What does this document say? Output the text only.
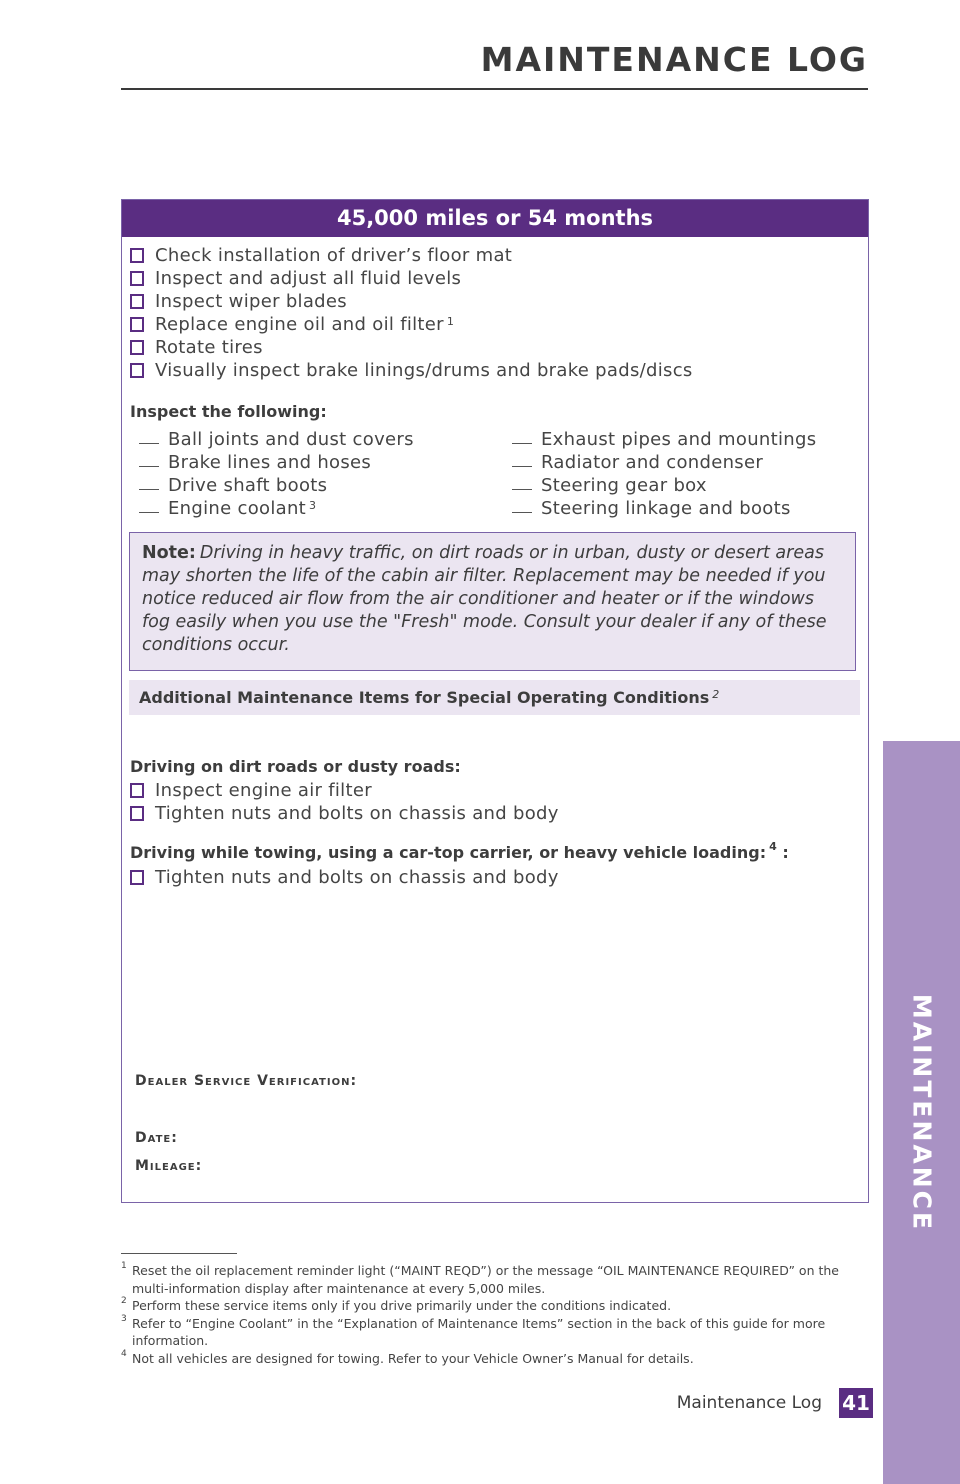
MAINTENANCE LOG
MAINTENANCE
45,000 miles or 54 months
Check installation of driver’s floor mat
Inspect and adjust all fluid levels
Inspect wiper blades
Replace engine oil and oil filter $^1$
Rotate tires
Visually inspect brake linings/drums and brake pads/discs
Inspect the following:
Ball joints and dust covers
Brake lines and hoses
Drive shaft boots
Engine coolant $^3$
Exhaust pipes and mountings
Radiator and condenser
Steering gear box
Steering linkage and boots

Note: Driving in heavy traffic, on dirt roads or in urban, dusty or desert areas may shorten the life of the cabin air filter. Replacement may be needed if you notice reduced air flow from the air conditioner and heater or if the windows fog easily when you use the "Fresh" mode. Consult your dealer if any of these conditions occur.

Additional Maintenance Items for Special Operating Conditions $^2$
Driving on dirt roads or dusty roads:
Inspect engine air filter
Tighten nuts and bolts on chassis and body
Driving while towing, using a car-top carrier, or heavy vehicle loading: $^4$ :
Tighten nuts and bolts on chassis and body
Dealer Service Verification:
Date:
Mileage:
1 Reset the oil replacement reminder light (“MAINT REQD”) or the message “OIL MAINTENANCE REQUIRED” on the multi-information display after maintenance at every 5,000 miles.
2 Perform these service items only if you drive primarily under the conditions indicated.
3 Refer to “Engine Coolant” in the “Explanation of Maintenance Items” section in the back of this guide for more information.
4 Not all vehicles are designed for towing. Refer to your Vehicle Owner’s Manual for details.
Maintenance Log 41
